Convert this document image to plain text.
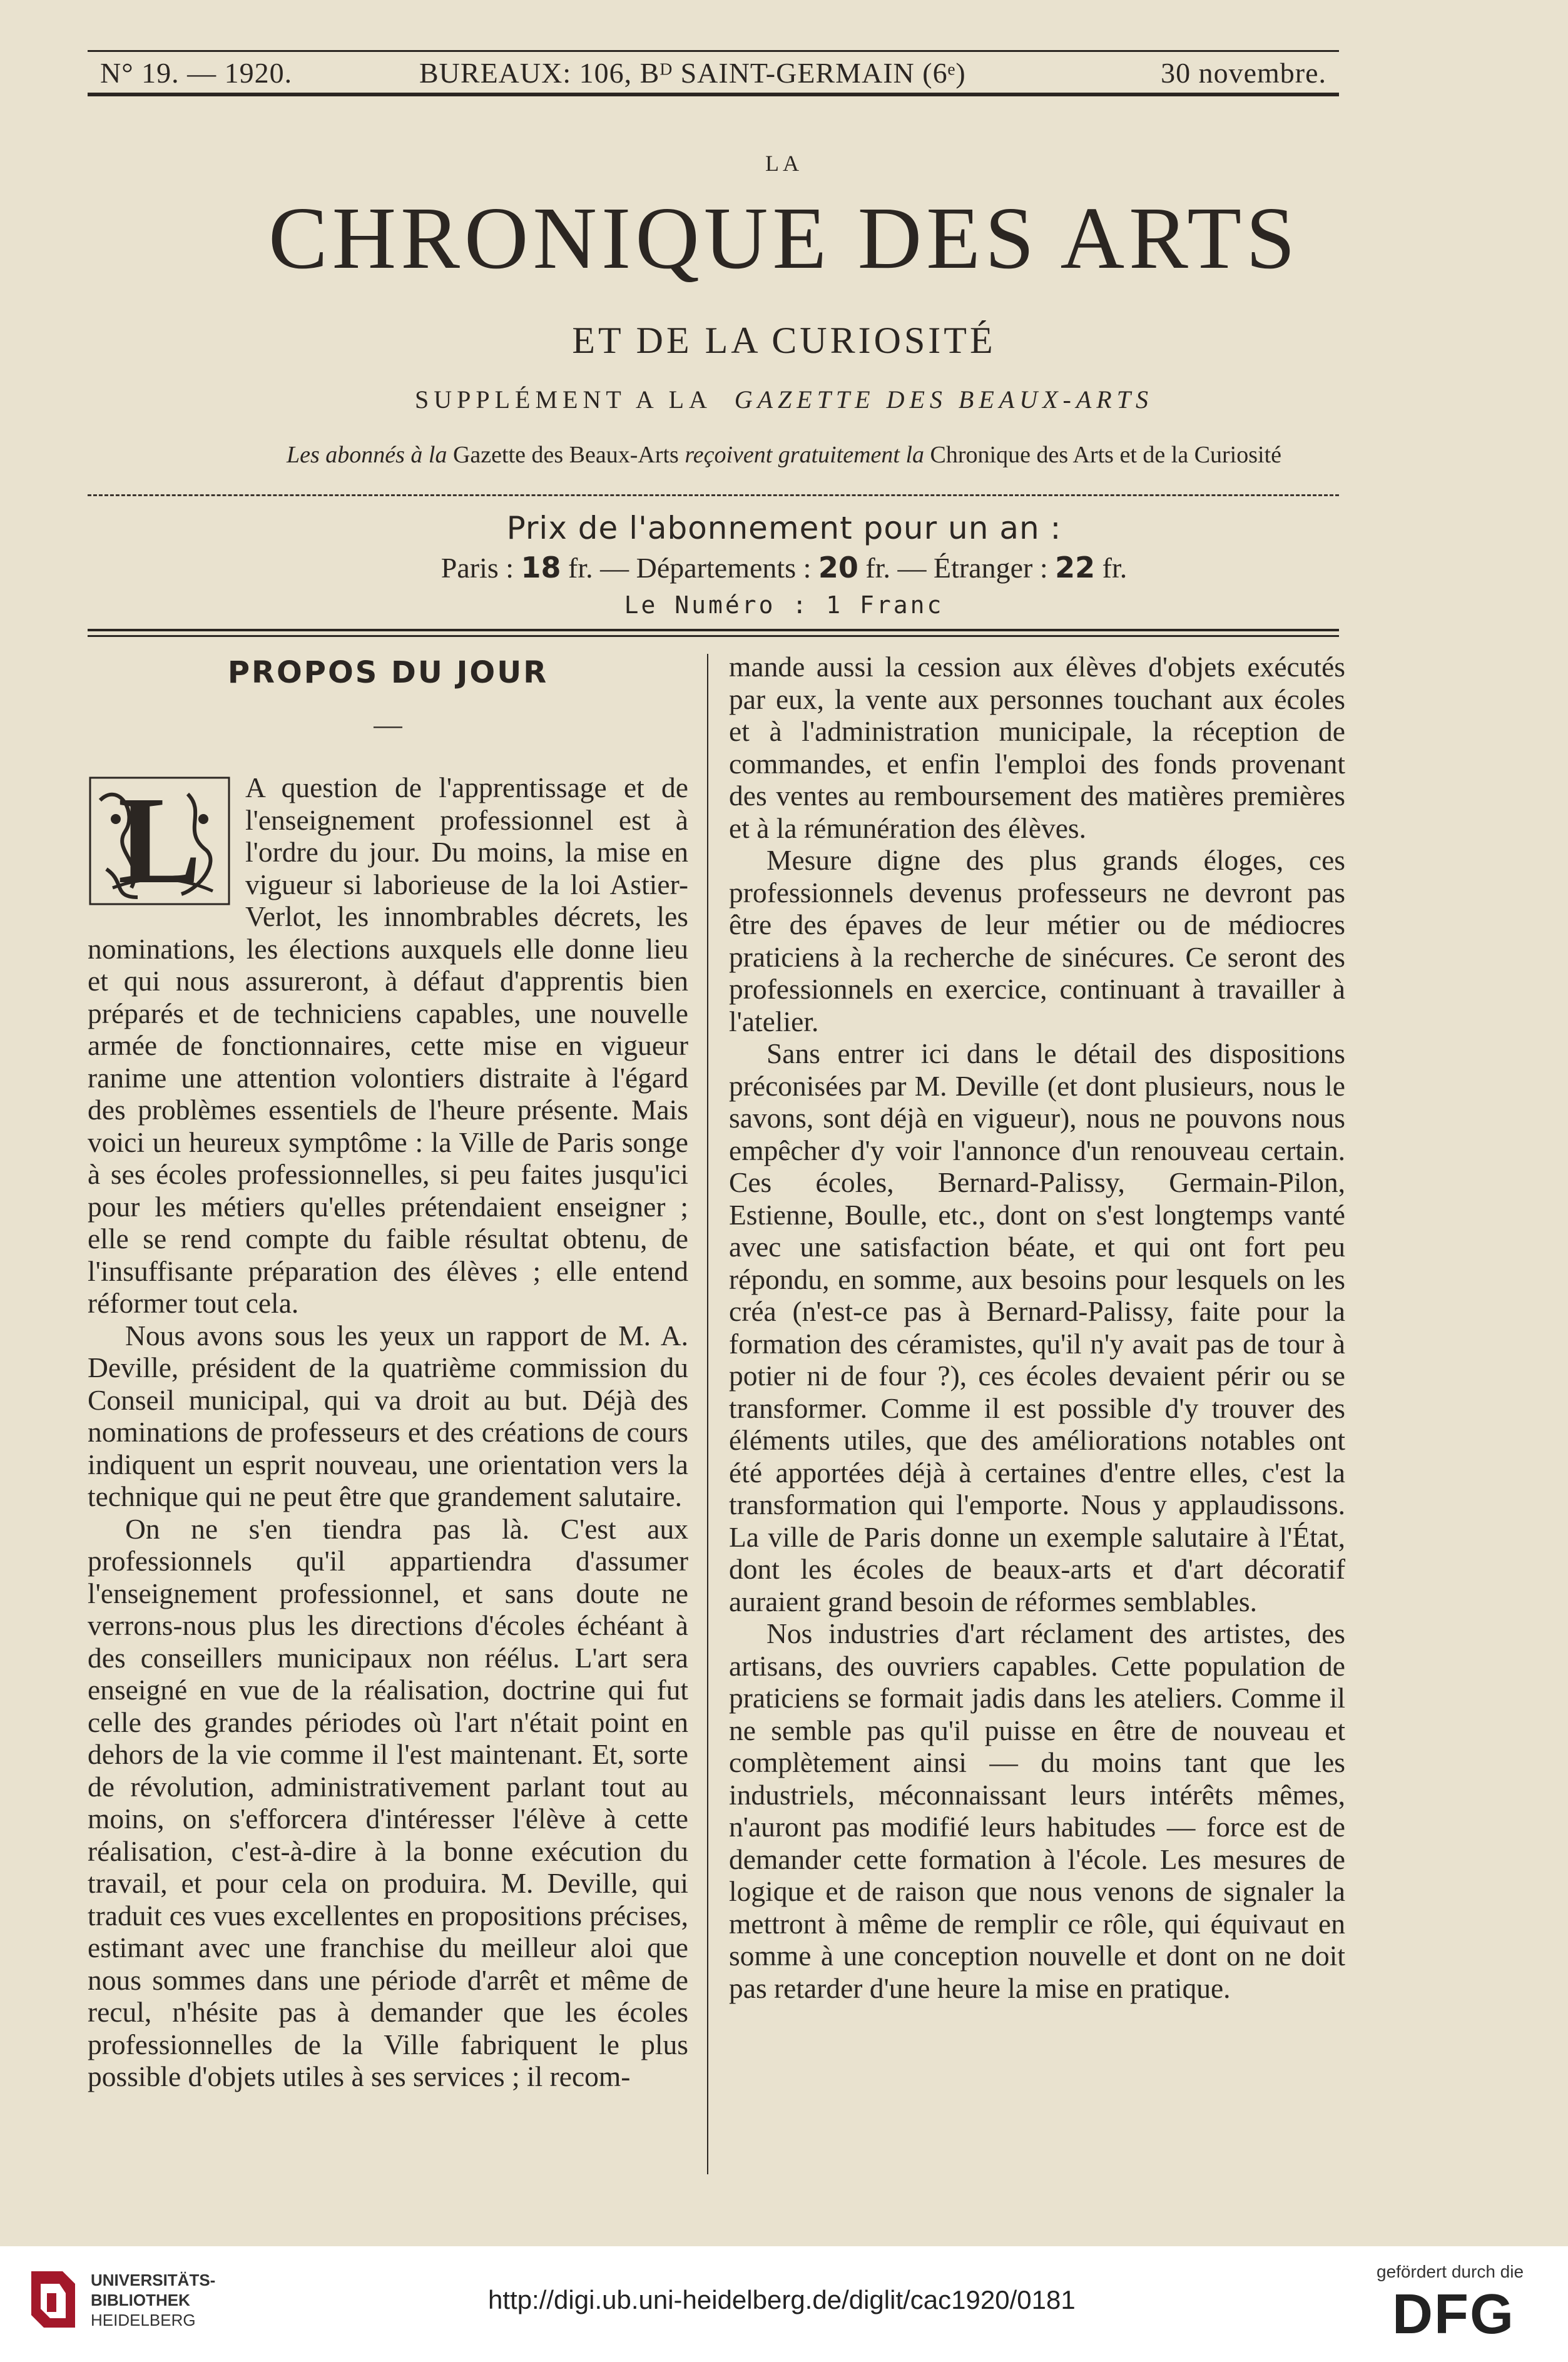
N° 19. — 1920.	BUREAUX: 106, Bᴰ SAINT-GERMAIN (6ᵉ)	30 novembre.
LA
CHRONIQUE DES ARTS
ET DE LA CURIOSITÉ
SUPPLÉMENT A LA GAZETTE DES BEAUX-ARTS
Les abonnés à la Gazette des Beaux-Arts reçoivent gratuitement la Chronique des Arts et de la Curiosité
Prix de l'abonnement pour un an :
Paris : 18 fr. — Départements : 20 fr. — Étranger : 22 fr.
Le Numéro : 1 Franc
PROPOS DU JOUR
—
L	A question de l'apprentissage et de l'enseignement professionnel est à l'ordre du jour. Du moins, la mise en vigueur si laborieuse de la loi Astier-Verlot, les innombrables décrets, les nominations, les élections auxquels elle donne lieu et qui nous assureront, à défaut d'apprentis bien préparés et de techniciens capables, une nouvelle armée de fonctionnaires, cette mise en vigueur ranime une attention volontiers distraite à l'égard des problèmes essentiels de l'heure présente. Mais voici un heureux symptôme : la Ville de Paris songe à ses écoles professionnelles, si peu faites jusqu'ici pour les métiers qu'elles prétendaient enseigner ; elle se rend compte du faible résultat obtenu, de l'insuffisante préparation des élèves ; elle entend réformer tout cela.

Nous avons sous les yeux un rapport de M. A. Deville, président de la quatrième commission du Conseil municipal, qui va droit au but. Déjà des nominations de professeurs et des créations de cours indiquent un esprit nouveau, une orientation vers la technique qui ne peut être que grandement salutaire.

On ne s'en tiendra pas là. C'est aux professionnels qu'il appartiendra d'assumer l'enseignement professionnel, et sans doute ne verrons-nous plus les directions d'écoles échéant à des conseillers municipaux non réélus. L'art sera enseigné en vue de la réalisation, doctrine qui fut celle des grandes périodes où l'art n'était point en dehors de la vie comme il l'est maintenant. Et, sorte de révolution, administrativement parlant tout au moins, on s'efforcera d'intéresser l'élève à cette réalisation, c'est-à-dire à la bonne exécution du travail, et pour cela on produira. M. Deville, qui traduit ces vues excellentes en propositions précises, estimant avec une franchise du meilleur aloi que nous sommes dans une période d'arrêt et même de recul, n'hésite pas à demander que les écoles professionnelles de la Ville fabriquent le plus possible d'objets utiles à ses services ; il recom-

mande aussi la cession aux élèves d'objets exécutés par eux, la vente aux personnes touchant aux écoles et à l'administration municipale, la réception de commandes, et enfin l'emploi des fonds provenant des ventes au remboursement des matières premières et à la rémunération des élèves.

Mesure digne des plus grands éloges, ces professionnels devenus professeurs ne devront pas être des épaves de leur métier ou de médiocres praticiens à la recherche de sinécures. Ce seront des professionnels en exercice, continuant à travailler à l'atelier.

Sans entrer ici dans le détail des dispositions préconisées par M. Deville (et dont plusieurs, nous le savons, sont déjà en vigueur), nous ne pouvons nous empêcher d'y voir l'annonce d'un renouveau certain. Ces écoles, Bernard-Palissy, Germain-Pilon, Estienne, Boulle, etc., dont on s'est longtemps vanté avec une satisfaction béate, et qui ont fort peu répondu, en somme, aux besoins pour lesquels on les créa (n'est-ce pas à Bernard-Palissy, faite pour la formation des céramistes, qu'il n'y avait pas de tour à potier ni de four ?), ces écoles devaient périr ou se transformer. Comme il est possible d'y trouver des éléments utiles, que des améliorations notables ont été apportées déjà à certaines d'entre elles, c'est la transformation qui l'emporte. Nous y applaudissons. La ville de Paris donne un exemple salutaire à l'État, dont les écoles de beaux-arts et d'art décoratif auraient grand besoin de réformes semblables.

Nos industries d'art réclament des artistes, des artisans, des ouvriers capables. Cette population de praticiens se formait jadis dans les ateliers. Comme il ne semble pas qu'il puisse en être de nouveau et complètement ainsi — du moins tant que les industriels, méconnaissant leurs intérêts mêmes, n'auront pas modifié leurs habitudes — force est de demander cette formation à l'école. Les mesures de logique et de raison que nous venons de signaler la mettront à même de remplir ce rôle, qui équivaut en somme à une conception nouvelle et dont on ne doit pas retarder d'une heure la mise en pratique.

UNIVERSITÄTS-
BIBLIOTHEK
HEIDELBERG
http://digi.ub.uni-heidelberg.de/diglit/cac1920/0181
gefördert durch die
DFG
